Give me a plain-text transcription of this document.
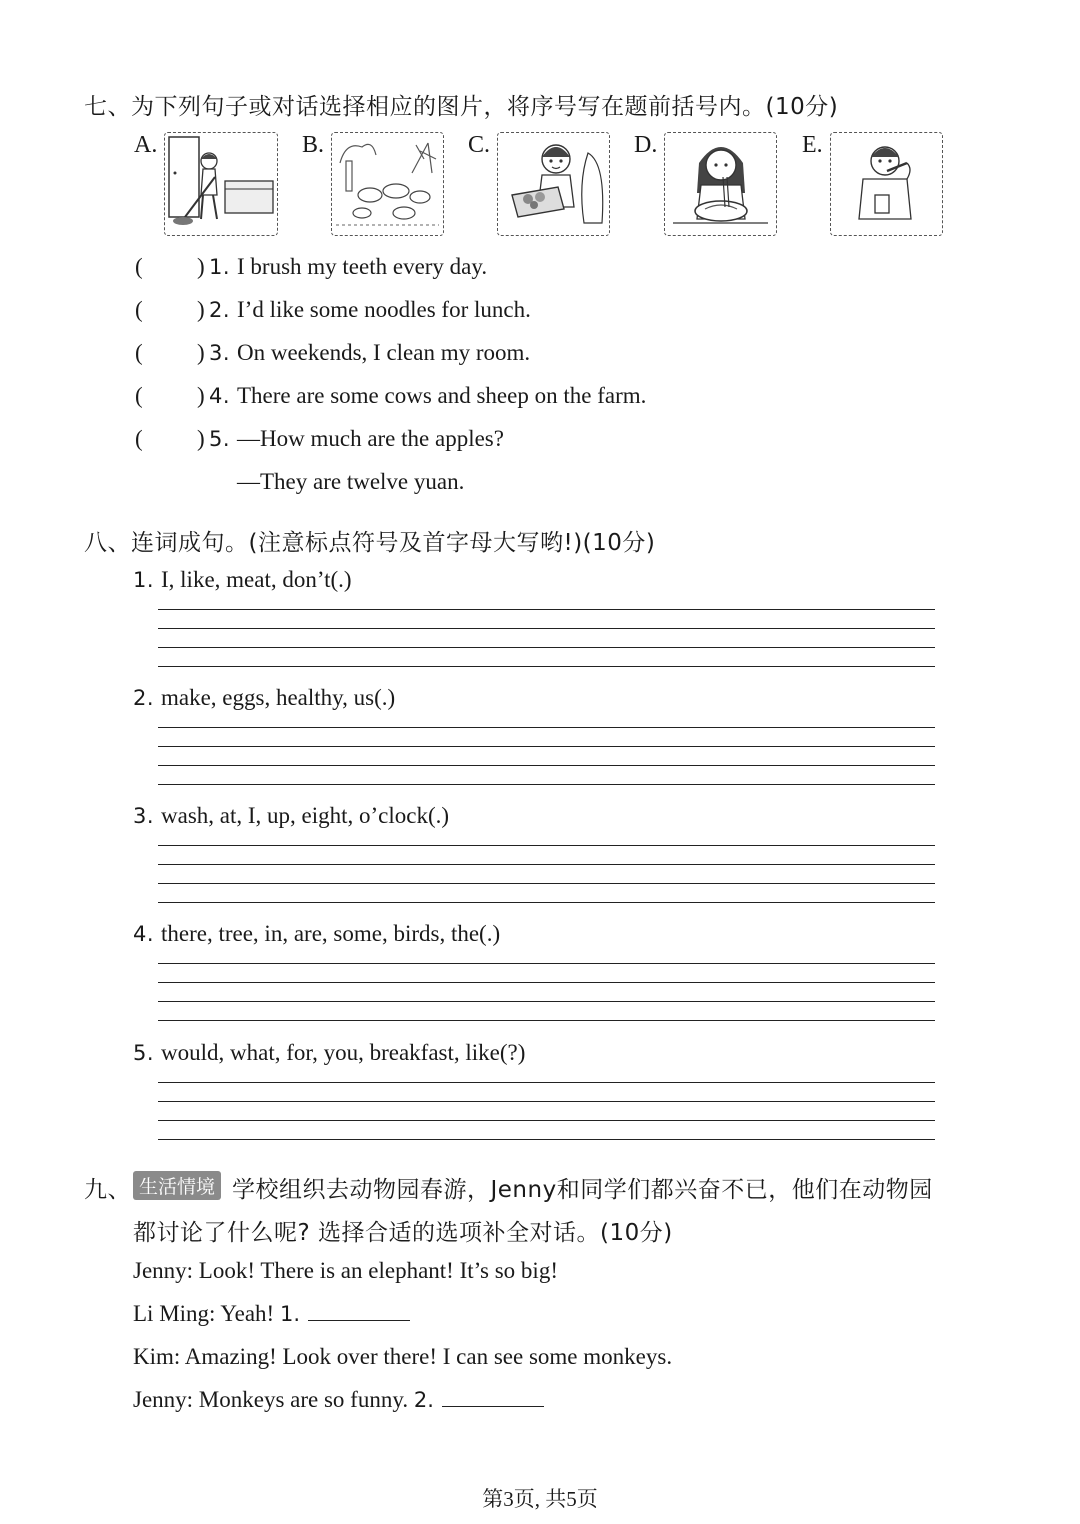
七、为下列句子或对话选择相应的图片，将序号写在题前括号内。(10分)
A.	B.	C.	D.	E.
( ) 1. I brush my teeth every day.
( ) 2. I’d like some noodles for lunch.
( ) 3. On weekends, I clean my room.
( ) 4. There are some cows and sheep on the farm.
( ) 5. —How much are the apples?
—They are twelve yuan.
八、连词成句。(注意标点符号及首字母大写哟!)(10分)
1. I, like, meat, don’t(.)
2. make, eggs, healthy, us(.)
3. wash, at, I, up, eight, o’clock(.)
4. there, tree, in, are, some, birds, the(.)
5. would, what, for, you, breakfast, like(?)
九、 生活情境 学校组织去动物园春游，Jenny和同学们都兴奋不已，他们在动物园
都讨论了什么呢? 选择合适的选项补全对话。(10分)
Jenny: Look! There is an elephant! It’s so big!
Li Ming: Yeah! 1.
Kim: Amazing! Look over there! I can see some monkeys.
Jenny: Monkeys are so funny. 2.
第3页, 共5页
